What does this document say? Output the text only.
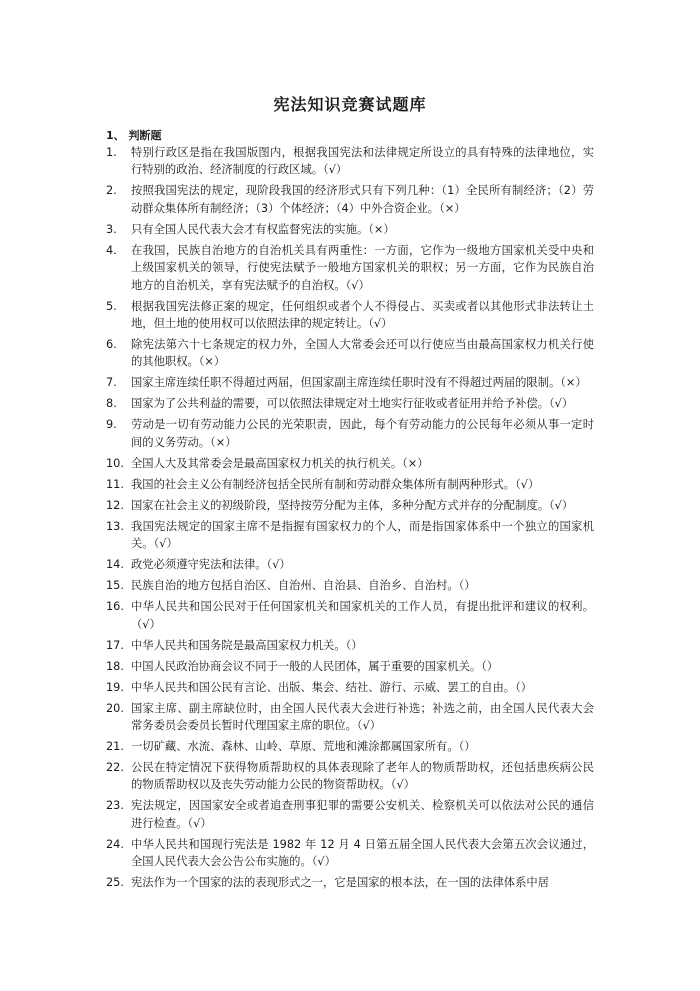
宪法知识竞赛试题库
1、 判断题
1.	特别行政区是指在我国版图内，根据我国宪法和法律规定所设立的具有特殊的法律地位，实行特别的政治、经济制度的行政区域。（√）
2.	按照我国宪法的规定，现阶段我国的经济形式只有下列几种：（1）全民所有制经济；（2）劳动群众集体所有制经济；（3）个体经济；（4）中外合资企业。（×）
3.	只有全国人民代表大会才有权监督宪法的实施。（×）
4.	在我国，民族自治地方的自治机关具有两重性：一方面，它作为一级地方国家机关受中央和上级国家机关的领导，行使宪法赋予一般地方国家机关的职权；另一方面，它作为民族自治地方的自治机关，享有宪法赋予的自治权。（√）
5.	根据我国宪法修正案的规定，任何组织或者个人不得侵占、买卖或者以其他形式非法转让土地，但土地的使用权可以依照法律的规定转让。（√）
6.	除宪法第六十七条规定的权力外，全国人大常委会还可以行使应当由最高国家权力机关行使的其他职权。（×）
7.	国家主席连续任职不得超过两届，但国家副主席连续任职时没有不得超过两届的限制。（×）
8.	国家为了公共利益的需要，可以依照法律规定对土地实行征收或者征用并给予补偿。（√）
9.	劳动是一切有劳动能力公民的光荣职责，因此，每个有劳动能力的公民每年必须从事一定时间的义务劳动。（×）
10. 全国人大及其常委会是最高国家权力机关的执行机关。（×）
11. 我国的社会主义公有制经济包括全民所有制和劳动群众集体所有制两种形式。（√）
12. 国家在社会主义的初级阶段，坚持按劳分配为主体，多种分配方式并存的分配制度。（√）
13. 我国宪法规定的国家主席不是指握有国家权力的个人，而是指国家体系中一个独立的国家机关。（√）
14. 政党必须遵守宪法和法律。（√）
15. 民族自治的地方包括自治区、自治州、自治县、自治乡、自治村。（）
16. 中华人民共和国公民对于任何国家机关和国家机关的工作人员，有提出批评和建议的权利。（√）
17. 中华人民共和国务院是最高国家权力机关。（）
18. 中国人民政治协商会议不同于一般的人民团体，属于重要的国家机关。（）
19. 中华人民共和国公民有言论、出版、集会、结社、游行、示威、罢工的自由。（）
20. 国家主席、副主席缺位时，由全国人民代表大会进行补选；补选之前，由全国人民代表大会常务委员会委员长暂时代理国家主席的职位。（√）
21. 一切矿藏、水流、森林、山岭、草原、荒地和滩涂都属国家所有。（）
22. 公民在特定情况下获得物质帮助权的具体表现除了老年人的物质帮助权，还包括患疾病公民的物质帮助权以及丧失劳动能力公民的物资帮助权。（√）
23. 宪法规定，因国家安全或者追查刑事犯罪的需要公安机关、检察机关可以依法对公民的通信进行检查。（√）
24. 中华人民共和国现行宪法是 1982 年 12 月 4 日第五届全国人民代表大会第五次会议通过，全国人民代表大会公告公布实施的。（√）
25. 宪法作为一个国家的法的表现形式之一，它是国家的根本法，在一国的法律体系中居
